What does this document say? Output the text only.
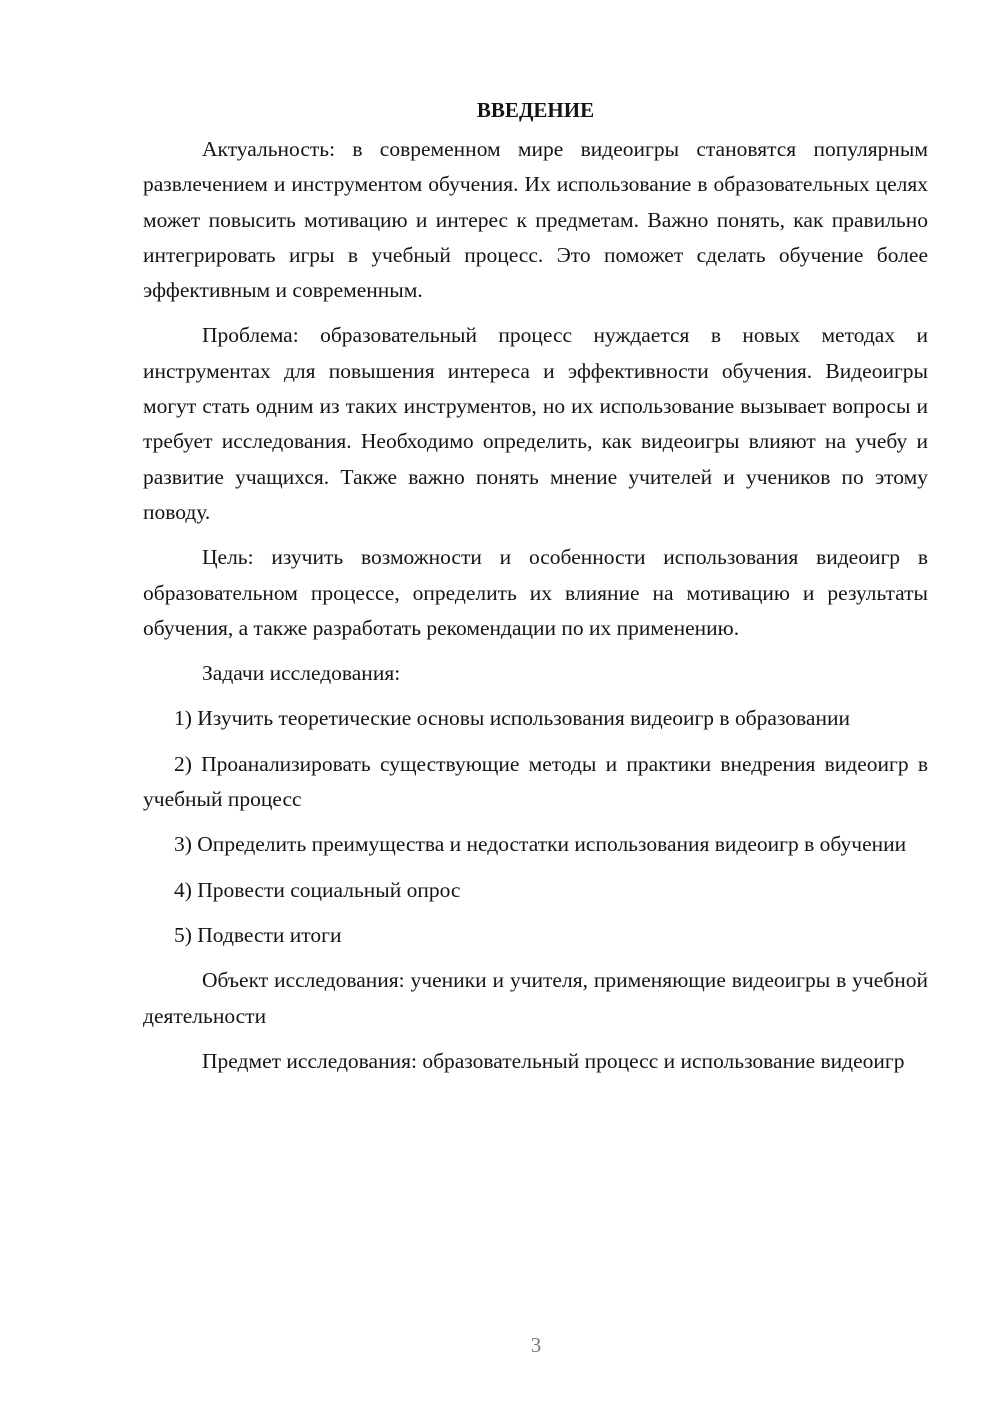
ВВЕДЕНИЕ

Актуальность: в современном мире видеоигры становятся популярным развлечением и инструментом обучения. Их использование в образовательных целях может повысить мотивацию и интерес к предметам. Важно понять, как правильно интегрировать игры в учебный процесс. Это поможет сделать обучение более эффективным и современным.

Проблема: образовательный процесс нуждается в новых методах и инструментах для повышения интереса и эффективности обучения. Видеоигры могут стать одним из таких инструментов, но их использование вызывает вопросы и требует исследования. Необходимо определить, как видеоигры влияют на учебу и развитие учащихся. Также важно понять мнение учителей и учеников по этому поводу.

Цель: изучить возможности и особенности использования видеоигр в образовательном процессе, определить их влияние на мотивацию и результаты обучения, а также разработать рекомендации по их применению.

Задачи исследования:

1) Изучить теоретические основы использования видеоигр в образовании

2) Проанализировать существующие методы и практики внедрения видеоигр в учебный процесс

3) Определить преимущества и недостатки использования видеоигр в обучении

4) Провести социальный опрос

5) Подвести итоги

Объект исследования: ученики и учителя, применяющие видеоигры в учебной деятельности

Предмет исследования: образовательный процесс и использование видеоигр

3
